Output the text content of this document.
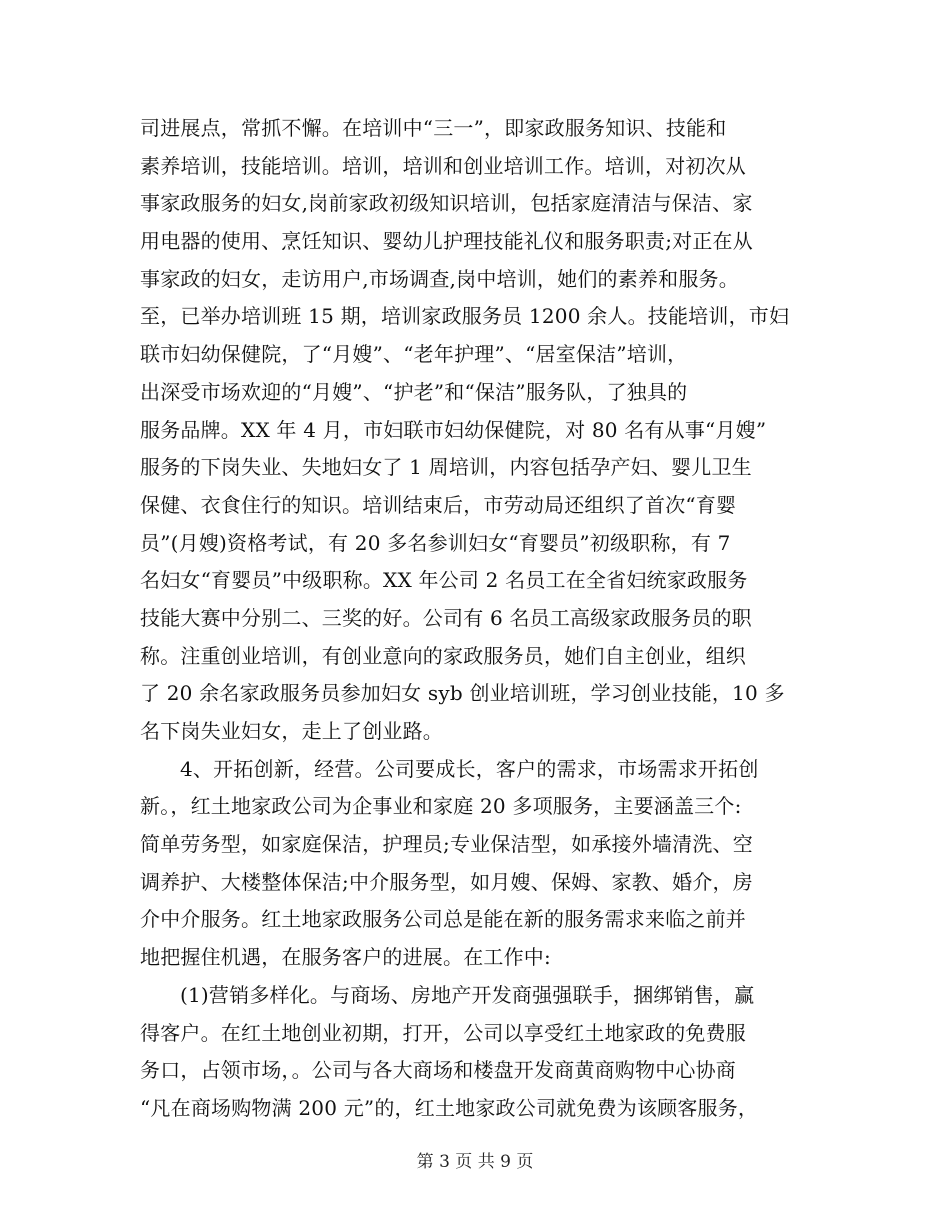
司进展点，常抓不懈。在培训中“三一”，即家政服务知识、技能和
素养培训，技能培训。培训，培训和创业培训工作。培训，对初次从
事家政服务的妇女,岗前家政初级知识培训，包括家庭清洁与保洁、家
用电器的使用、烹饪知识、婴幼儿护理技能礼仪和服务职责;对正在从
事家政的妇女，走访用户,市场调查,岗中培训，她们的素养和服务。
至，已举办培训班 15 期，培训家政服务员 1200 余人。技能培训，市妇
联市妇幼保健院，了“月嫂”、“老年护理”、“居室保洁”培训，
出深受市场欢迎的“月嫂”、“护老”和“保洁”服务队，了独具的
服务品牌。XX 年 4 月，市妇联市妇幼保健院，对 80 名有从事“月嫂”
服务的下岗失业、失地妇女了 1 周培训，内容包括孕产妇、婴儿卫生
保健、衣食住行的知识。培训结束后，市劳动局还组织了首次“育婴
员”(月嫂)资格考试，有 20 多名参训妇女“育婴员”初级职称，有 7
名妇女“育婴员”中级职称。XX 年公司 2 名员工在全省妇统家政服务
技能大赛中分别二、三奖的好。公司有 6 名员工高级家政服务员的职
称。注重创业培训，有创业意向的家政服务员，她们自主创业，组织
了 20 余名家政服务员参加妇女 syb 创业培训班，学习创业技能，10 多
名下岗失业妇女，走上了创业路。
4、开拓创新，经营。公司要成长，客户的需求，市场需求开拓创
新。，红土地家政公司为企事业和家庭 20 多项服务，主要涵盖三个:
简单劳务型，如家庭保洁，护理员;专业保洁型，如承接外墙清洗、空
调养护、大楼整体保洁;中介服务型，如月嫂、保姆、家教、婚介，房
介中介服务。红土地家政服务公司总是能在新的服务需求来临之前并
地把握住机遇，在服务客户的进展。在工作中:
(1)营销多样化。与商场、房地产开发商强强联手，捆绑销售，赢
得客户。在红土地创业初期，打开，公司以享受红土地家政的免费服
务口，占领市场，。公司与各大商场和楼盘开发商黄商购物中心协商
“凡在商场购物满 200 元”的，红土地家政公司就免费为该顾客服务，
第 3 页 共 9 页
